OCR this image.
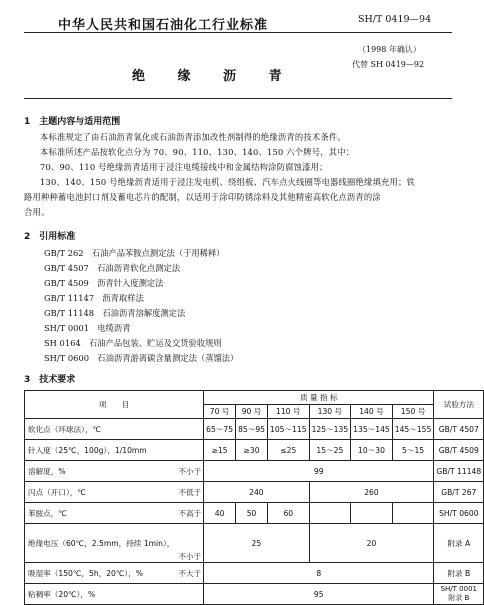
中华人民共和国石油化工行业标准	SH/T 0419—94
（1998 年确认）
代替 SH 0419—92
绝 缘 沥 青
1　主题内容与适用范围
本标准规定了由石油沥青氧化或石油沥青添加改性剂制得的绝缘沥青的技术条件。
本标准所述产品按软化点分为 70、90、110、130、140、150 六个牌号，其中：
70、90、110 号绝缘沥青适用于浸注电缆接线中和金属结构涂防腐蚀漆用；
130、140、150 号绝缘沥青适用于浸注发电机、绕组板、汽车点火线圈等电器线圈绝缘填充用；铁
路用种种蓄电池封口剂及蓄电芯片的配制，以适用于涂印防锈涂料及其他精密高软化点沥青的涂
合用。
2　引用标准
GB/T 262　石油产品苯胺点测定法（于用稀释）
GB/T 4507　石油沥青软化点测定法
GB/T 4509　沥青针入度测定法
GB/T 11147　沥青取样法
GB/T 11148　石油沥青溶解度测定法
SH/T 0001　电缆沥青
SH 0164　石油产品包装、贮运及交货验收规则
SH/T 0600　石油沥青游离碳含量测定法（蒸馏法）
3　技术要求
项　　目		质 量 指 标						试验方法
		70 号	90 号	110 号	130 号	140 号	150 号	
软化点（环球法），℃		65～75	85～95	105～115	125～135	135～145	145～155	GB/T 4507
针入度（25℃，100g），1/10mm		≥15	≥30	≤25	15～25	10～30	5～15	GB/T 4509
溶解度，%	不小于	99						GB/T 11148
闪点（开口），℃	不低于	240			260			GB/T 267
苯胺点，℃	不高于	40	50	60				SH/T 0600
绝缘电压（60℃，2.5mm，持续 1min），	不小于	25			20			附录 A
吸湿率（150℃，5h，20℃），%	不大于	8						附录 B
粘稠率（20℃），%		95						SH/T 0001 附录 B
